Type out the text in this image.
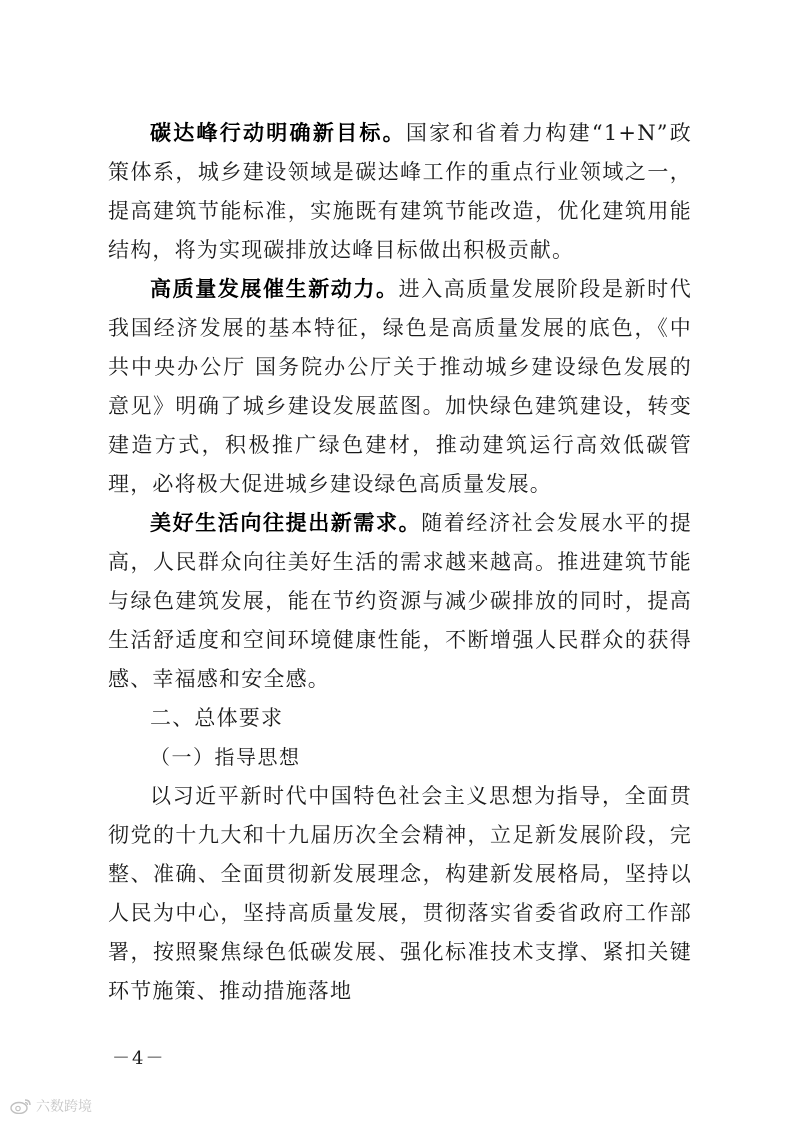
碳达峰行动明确新目标。国家和省着力构建“1+N”政策体系，城乡建设领域是碳达峰工作的重点行业领域之一，提高建筑节能标准，实施既有建筑节能改造，优化建筑用能结构，将为实现碳排放达峰目标做出积极贡献。

高质量发展催生新动力。进入高质量发展阶段是新时代我国经济发展的基本特征，绿色是高质量发展的底色，《中共中央办公厅 国务院办公厅关于推动城乡建设绿色发展的意见》明确了城乡建设发展蓝图。加快绿色建筑建设，转变建造方式，积极推广绿色建材，推动建筑运行高效低碳管理，必将极大促进城乡建设绿色高质量发展。

美好生活向往提出新需求。随着经济社会发展水平的提高，人民群众向往美好生活的需求越来越高。推进建筑节能与绿色建筑发展，能在节约资源与减少碳排放的同时，提高生活舒适度和空间环境健康性能，不断增强人民群众的获得感、幸福感和安全感。

二、总体要求
（一）指导思想

以习近平新时代中国特色社会主义思想为指导，全面贯彻党的十九大和十九届历次全会精神，立足新发展阶段，完整、准确、全面贯彻新发展理念，构建新发展格局，坚持以人民为中心，坚持高质量发展，贯彻落实省委省政府工作部署，按照聚焦绿色低碳发展、强化标准技术支撑、紧扣关键环节施策、推动措施落地

－4－
六数跨境
